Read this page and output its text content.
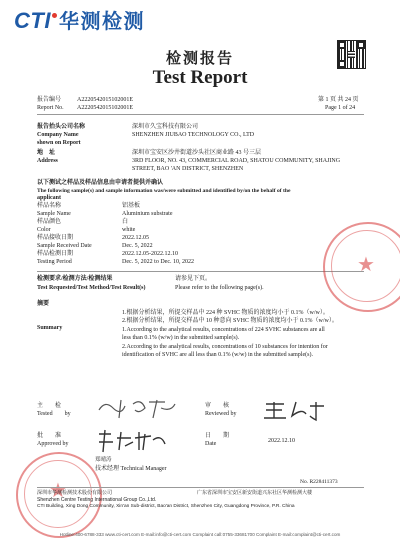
CTI 华测检测
检测报告
Test Report
报告编号	A2220542015102001E	第 1 页 共 24 页
Report No. A2220542015102001E	Page 1 of 24
报告抬头公司名称	深圳市久宝科技有限公司
Company Name	SHENZHEN JIUBAO TECHNOLOGY CO., LTD
shown on Report
地　址	深圳市宝安区沙井街道沙头社区商业路 43 号三层
Address	3RD FLOOR, NO. 43, COMMERCIAL ROAD, SHATOU COMMUNITY, SHAJING
STREET, BAO 'AN DISTRICT, SHENZHEN
以下测试之样品及样品信息由申请者提供并确认
The following sample(s) and sample information was/were submitted and identified by/on the behalf of the
applicant
样品名称	铝基板
Sample Name	Aluminium substrate
样品颜色	白
Color	white
样品接收日期	2022.12.05
Sample Received Date	Dec. 5, 2022
样品检测日期	2022.12.05-2022.12.10
Testing Period	Dec. 5, 2022 to Dec. 10, 2022
检测要求/检测方法/检测结果	请参见下页。
Test Requested/Test Method/Test Result(s)	Please refer to the following page(s).
摘要
Summary
1.根据分析结果，所提交样品中 224 种 SVHC 物质的浓度均小于 0.1%（w/w）。
2.根据分析结果，所提交样品中 10 种意向 SVHC 物质的浓度均小于 0.1%（w/w）。
1.According to the analytical results, concentrations of 224 SVHC substances are all
less than 0.1% (w/w) in the submitted sample(s).
2.According to the analytical results, concentrations of 10 substances for intention for
identification of SVHC are all less than 0.1% (w/w) in the submitted sample(s).
★
主　　检
Tested　　by
审　　核
Reviewed by
批　　准
Approved by
日　　期
Date	2022.12.10
郑晴涛
技术经理 Technical Manager
★	No. R228411373
深圳市华测检测技术股份有限公司	广东省深圳市宝安区新安街道兴东社区华测检测大楼
Shenzhen Centre Testing International Group Co.,Ltd.
CTI Building, Xing Dong Community, Xin'an Sub-district, Bao'an District, Shenzhen City, Guangdong Province, P.R. China
Hotline:400-6788-333 www.cti-cert.com E-mail:info@cti-cert.com Complaint call:0755-33681700 Complaint E-mail:complaint@cti-cert.com
